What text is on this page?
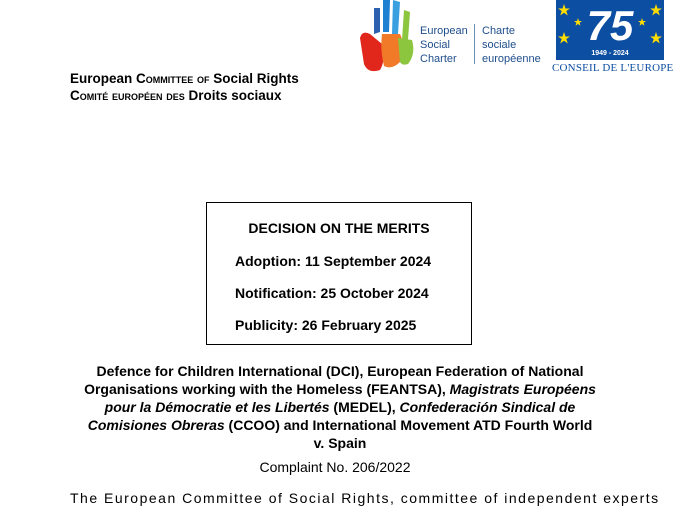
European Committee of Social Rights
Comité européen des Droits sociaux
European
Social
Charter
Charte
sociale
européenne
75
1949 - 2024
CONSEIL DE L'EUROPE
DECISION ON THE MERITS
Adoption: 11 September 2024
Notification: 25 October 2024
Publicity: 26 February 2025
Defence for Children International (DCI), European Federation of National
Organisations working with the Homeless (FEANTSA), Magistrats Européens
pour la Démocratie et les Libertés (MEDEL), Confederación Sindical de
Comisiones Obreras (CCOO) and International Movement ATD Fourth World
v. Spain
Complaint No. 206/2022
The European Committee of Social Rights, committee of independent experts
